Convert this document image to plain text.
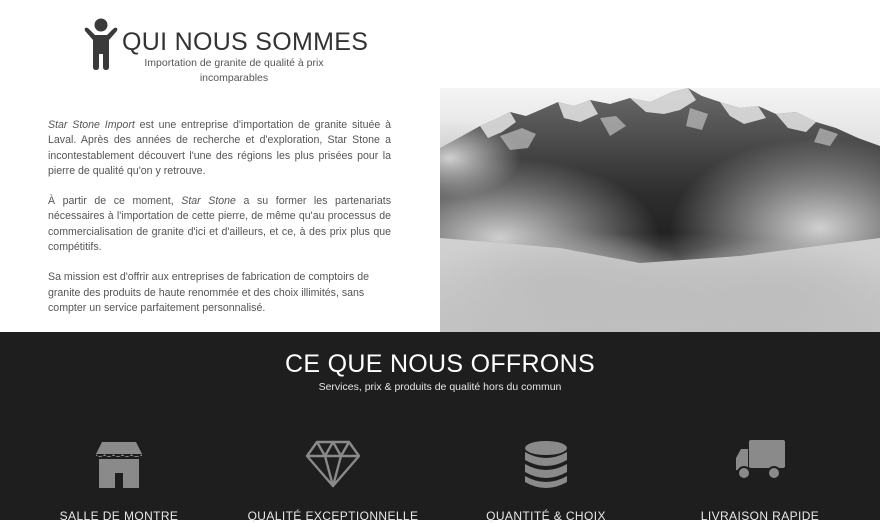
QUI NOUS SOMMES

Importation de granite de qualité à prix incomparables

Star Stone Import est une entreprise d'importation de granite située à Laval. Après des années de recherche et d'exploration, Star Stone a incontestablement découvert l'une des régions les plus prisées pour la pierre de qualité qu'on y retrouve.

À partir de ce moment, Star Stone a su former les partenariats nécessaires à l'importation de cette pierre, de même qu'au processus de commercialisation de granite d'ici et d'ailleurs, et ce, à des prix plus que compétitifs.

Sa mission est d'offrir aux entreprises de fabrication de comptoirs de granite des produits de haute renommée et des choix illimités, sans compter un service parfaitement personnalisé.

CE QUE NOUS OFFRONS

Services, prix & produits de qualité hors du commun

SALLE DE MONTRE	QUALITÉ EXCEPTIONNELLE	QUANTITÉ & CHOIX	LIVRAISON RAPIDE
